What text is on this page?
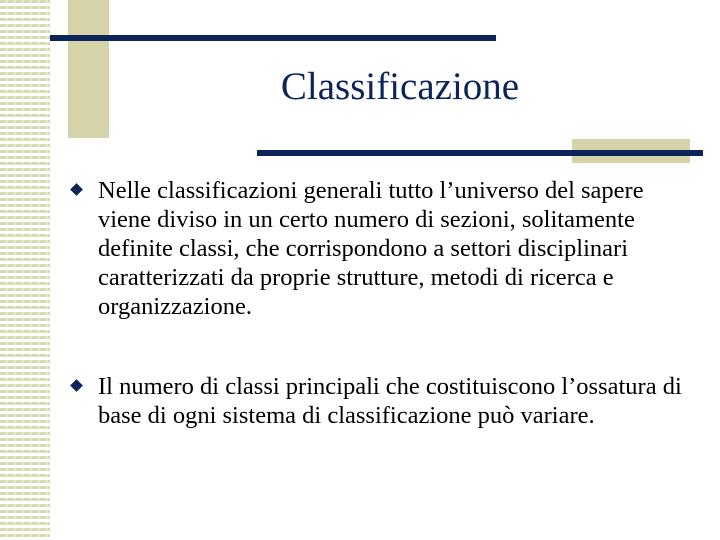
Classificazione
Nelle classificazioni generali tutto l’universo del sapere viene diviso in un certo numero di sezioni, solitamente definite classi, che corrispondono a settori disciplinari caratterizzati da proprie strutture, metodi di ricerca e organizzazione.
Il numero di classi principali che costituiscono l’ossatura di base di ogni sistema di classificazione può variare.
